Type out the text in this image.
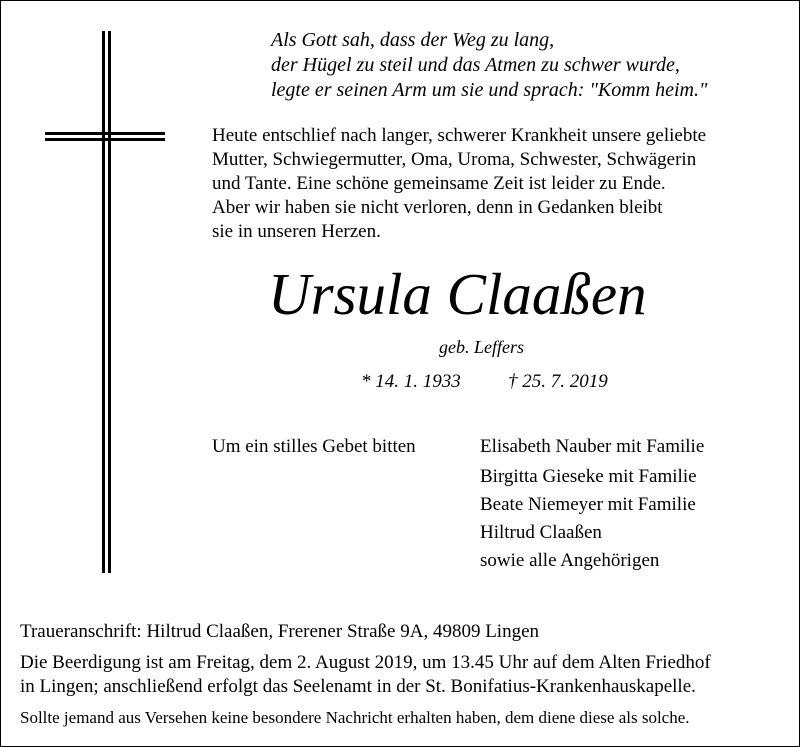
Als Gott sah, dass der Weg zu lang,
der Hügel zu steil und das Atmen zu schwer wurde,
legte er seinen Arm um sie und sprach: "Komm heim."
Heute entschlief nach langer, schwerer Krankheit unsere geliebte
Mutter, Schwiegermutter, Oma, Uroma, Schwester, Schwägerin
und Tante. Eine schöne gemeinsame Zeit ist leider zu Ende.
Aber wir haben sie nicht verloren, denn in Gedanken bleibt
sie in unseren Herzen.
Ursula Claaßen
geb. Leffers
* 14. 1. 1933 † 25. 7. 2019
Um ein stilles Gebet bitten	Elisabeth Nauber mit Familie
Birgitta Gieseke mit Familie
Beate Niemeyer mit Familie
Hiltrud Claaßen
sowie alle Angehörigen
Traueranschrift: Hiltrud Claaßen, Frerener Straße 9A, 49809 Lingen
Die Beerdigung ist am Freitag, dem 2. August 2019, um 13.45 Uhr auf dem Alten Friedhof
in Lingen; anschließend erfolgt das Seelenamt in der St. Bonifatius-Krankenhauskapelle.
Sollte jemand aus Versehen keine besondere Nachricht erhalten haben, dem diene diese als solche.
